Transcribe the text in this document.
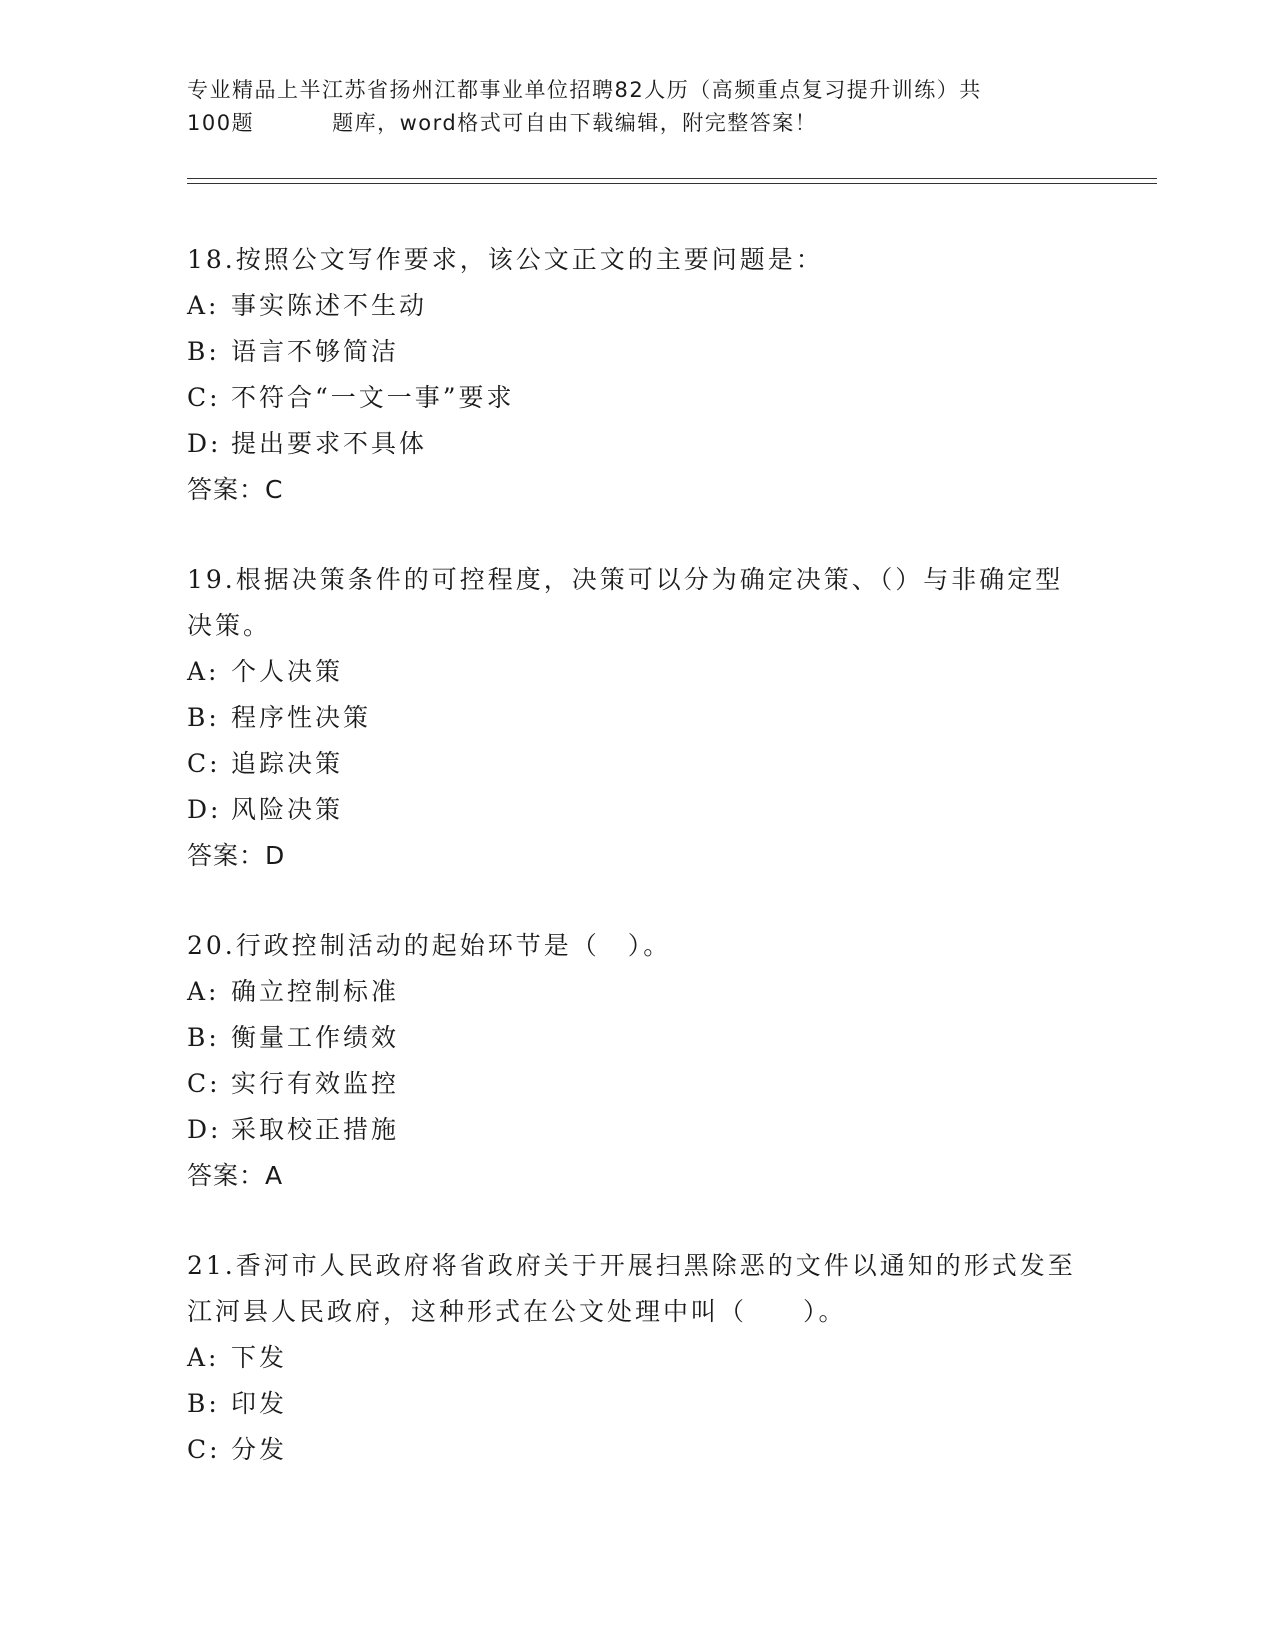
专业精品上半江苏省扬州江都事业单位招聘82人历（高频重点复习提升训练）共
100题	题库，word格式可自由下载编辑，附完整答案！

18.按照公文写作要求，该公文正文的主要问题是：

A: 事实陈述不生动
B: 语言不够简洁
C: 不符合“一文一事”要求
D: 提出要求不具体
答案：C

19.根据决策条件的可控程度，决策可以分为确定决策、（）与非确定型决策。

A: 个人决策
B: 程序性决策
C: 追踪决策
D: 风险决策
答案：D

20.行政控制活动的起始环节是（　）。

A: 确立控制标准
B: 衡量工作绩效
C: 实行有效监控
D: 采取校正措施
答案：A

21.香河市人民政府将省政府关于开展扫黑除恶的文件以通知的形式发至江河县人民政府，这种形式在公文处理中叫（　　）。

A: 下发
B: 印发
C: 分发
